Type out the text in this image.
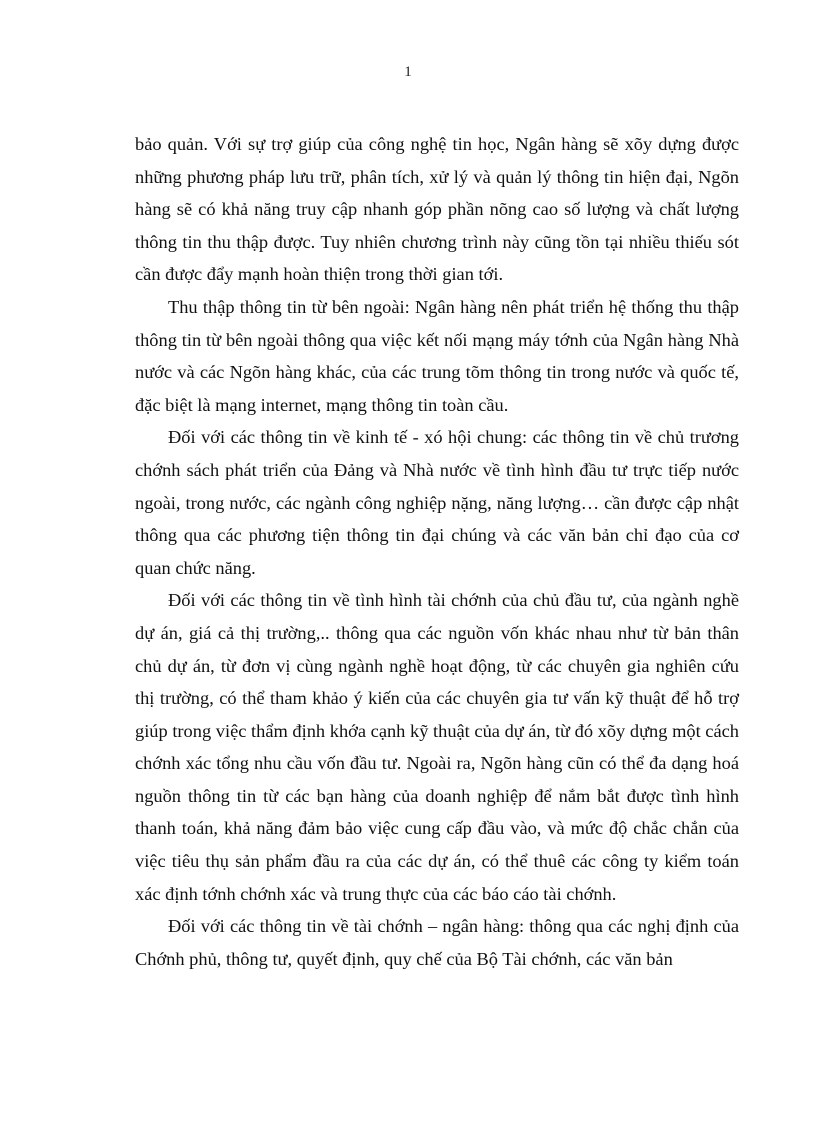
1

bảo quản. Với sự trợ giúp của công nghệ tin học, Ngân hàng sẽ xõy dựng được những phương pháp lưu trữ, phân tích, xử lý và quản lý thông tin hiện đại, Ngõn hàng sẽ có khả năng truy cập nhanh góp phần nõng cao số lượng và chất lượng thông tin thu thập được. Tuy nhiên chương trình này cũng tồn tại nhiều thiếu sót cần được đẩy mạnh hoàn thiện trong thời gian tới.

Thu thập thông tin từ bên ngoài: Ngân hàng nên phát triển hệ thống thu thập thông tin từ bên ngoài thông qua việc kết nối mạng máy tớnh của Ngân hàng Nhà nước và các Ngõn hàng khác, của các trung tõm thông tin trong nước và quốc tế, đặc biệt là mạng internet, mạng thông tin toàn cầu.

Đối với các thông tin về kinh tế - xó hội chung: các thông tin về chủ trương chớnh sách phát triển của Đảng và Nhà nước về tình hình đầu tư trực tiếp nước ngoài, trong nước, các ngành công nghiệp nặng, năng lượng… cần được cập nhật thông qua các phương tiện thông tin đại chúng và các văn bản chỉ đạo của cơ quan chức năng.

Đối với các thông tin về tình hình tài chớnh của chủ đầu tư, của ngành nghề dự án, giá cả thị trường,.. thông qua các nguồn vốn khác nhau như từ bản thân chủ dự án, từ đơn vị cùng ngành nghề hoạt động, từ các chuyên gia nghiên cứu thị trường, có thể tham khảo ý kiến của các chuyên gia tư vấn kỹ thuật để hỗ trợ giúp trong việc thẩm định khớa cạnh kỹ thuật của dự án, từ đó xõy dựng một cách chớnh xác tổng nhu cầu vốn đầu tư. Ngoài ra, Ngõn hàng cũn có thể đa dạng hoá nguồn thông tin từ các bạn hàng của doanh nghiệp để nắm bắt được tình hình thanh toán, khả năng đảm bảo việc cung cấp đầu vào, và mức độ chắc chắn của việc tiêu thụ sản phẩm đầu ra của các dự án, có thể thuê các công ty kiểm toán xác định tớnh chớnh xác và trung thực của các báo cáo tài chớnh.

Đối với các thông tin về tài chớnh – ngân hàng: thông qua các nghị định của Chớnh phủ, thông tư, quyết định, quy chế của Bộ Tài chớnh, các văn bản
